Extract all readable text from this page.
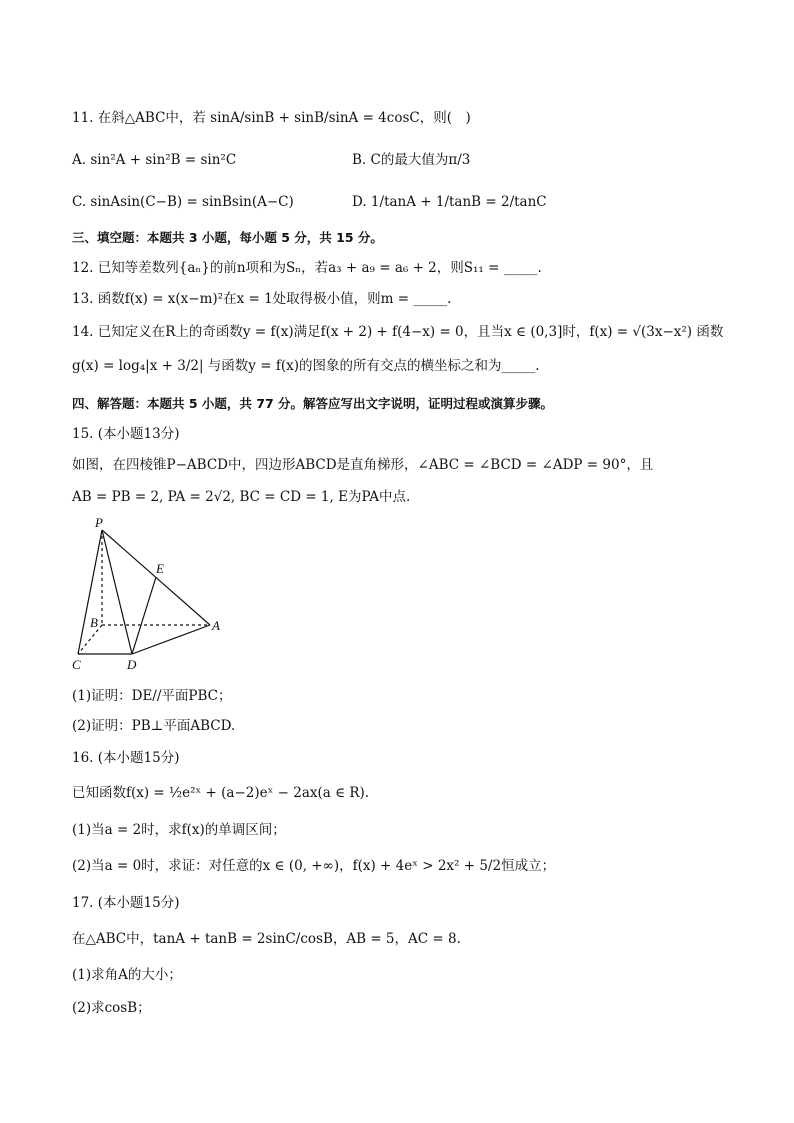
11. 在斜△ABC中，若 sinA/sinB + sinB/sinA = 4cosC，则(　)
A. sin²A + sin²B = sin²C	B. C的最大值为π/3
C. sinAsin(C−B) = sinBsin(A−C)	D. 1/tanA + 1/tanB = 2/tanC
三、填空题：本题共 3 小题，每小题 5 分，共 15 分。
12. 已知等差数列{aₙ}的前n项和为Sₙ，若a₃ + a₉ = a₆ + 2，则S₁₁ = _____.
13. 函数f(x) = x(x−m)²在x = 1处取得极小值，则m = _____.
14. 已知定义在R上的奇函数y = f(x)满足f(x + 2) + f(4−x) = 0，且当x ∈ (0,3]时，f(x) = √(3x−x²) 函数
g(x) = log₄|x + 3/2| 与函数y = f(x)的图象的所有交点的横坐标之和为_____.
四、解答题：本题共 5 小题，共 77 分。解答应写出文字说明，证明过程或演算步骤。
15. (本小题13分)
如图，在四棱锥P−ABCD中，四边形ABCD是直角梯形，∠ABC = ∠BCD = ∠ADP = 90°，且
AB = PB = 2, PA = 2√2, BC = CD = 1, E为PA中点.
P
E
B	A
C	D
(1)证明：DE//平面PBC；
(2)证明：PB⊥平面ABCD.
16. (本小题15分)
已知函数f(x) = ½e²ˣ + (a−2)eˣ − 2ax(a ∈ R).
(1)当a = 2时，求f(x)的单调区间；
(2)当a = 0时，求证：对任意的x ∈ (0, +∞)，f(x) + 4eˣ > 2x² + 5/2恒成立；
17. (本小题15分)
在△ABC中，tanA + tanB = 2sinC/cosB，AB = 5，AC = 8.
(1)求角A的大小；
(2)求cosB；
